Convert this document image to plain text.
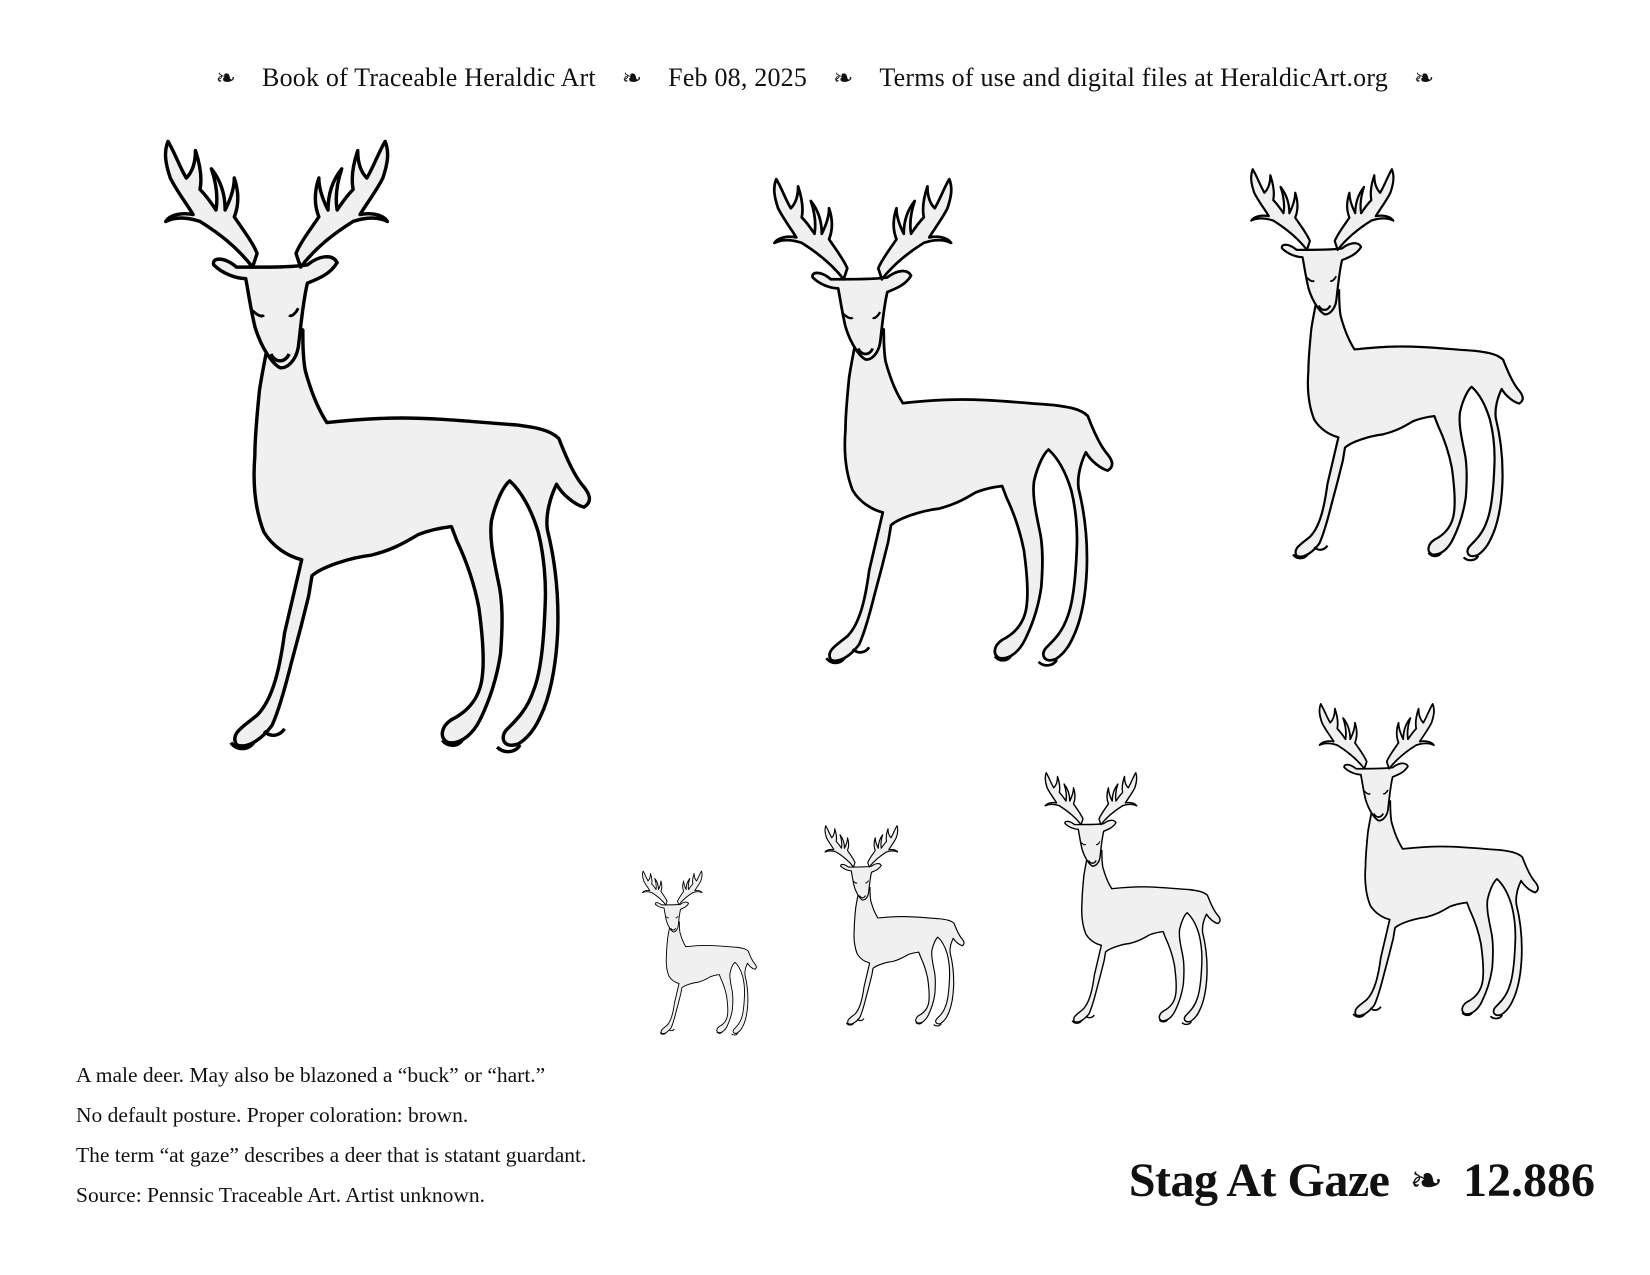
❧ Book of Traceable Heraldic Art ❧ Feb 08, 2025 ❧ Terms of use and digital files at HeraldicArt.org ❧

A male deer. May also be blazoned a “buck” or “hart.”

No default posture. Proper coloration: brown.

The term “at gaze” describes a deer that is statant guardant.

Source: Pennsic Traceable Art. Artist unknown.	Stag At Gaze ❧ 12.886
